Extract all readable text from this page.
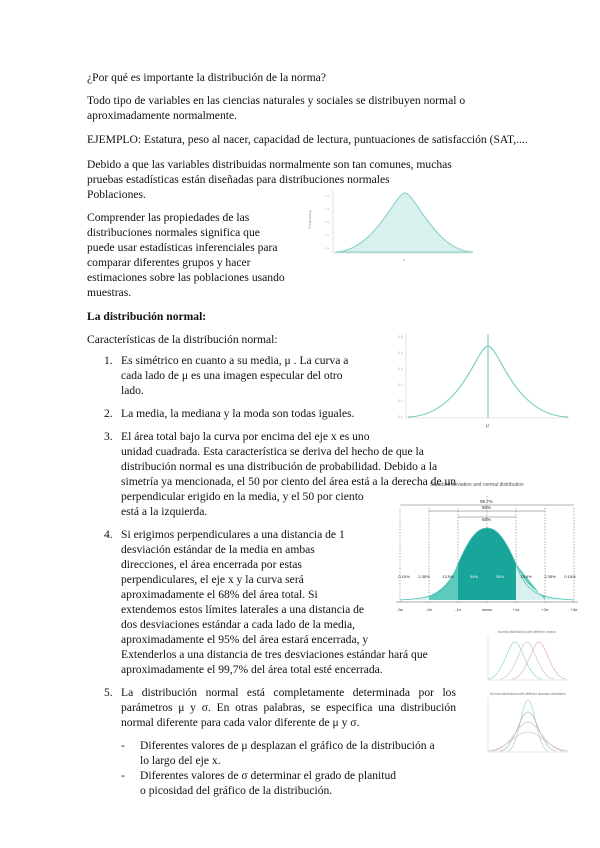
¿Por qué es importante la distribución de la norma?
Todo tipo de variables en las ciencias naturales y sociales se distribuyen normal o
aproximadamente normalmente.
EJEMPLO: Estatura, peso al nacer, capacidad de lectura, puntuaciones de satisfacción (SAT,....
Debido a que las variables distribuidas normalmente son tan comunes, muchas
pruebas estadísticas están diseñadas para distribuciones normales
Poblaciones.
Comprender las propiedades de las
distribuciones normales significa que
puede usar estadísticas inferenciales para
comparar diferentes grupos y hacer
estimaciones sobre las poblaciones usando
muestras.
La distribución normal:
Características de la distribución normal:
1. Es simétrico en cuanto a su media, μ . La curva a
cada lado de μ es una imagen especular del otro
lado.
2. La media, la mediana y la moda son todas iguales.
3. El área total bajo la curva por encima del eje x es uno
unidad cuadrada. Esta característica se deriva del hecho de que la
distribución normal es una distribución de probabilidad. Debido a la
simetría ya mencionada, el 50 por ciento del área está a la derecha de un
perpendicular erigido en la media, y el 50 por ciento
está a la izquierda.
4. Si erigimos perpendiculares a una distancia de 1
desviación estándar de la media en ambas
direcciones, el área encerrada por estas
perpendiculares, el eje x y la curva será
aproximadamente el 68% del área total. Si
extendemos estos límites laterales a una distancia de
dos desviaciones estándar a cada lado de la media,
aproximadamente el 95% del área estará encerrada, y
Extenderlos a una distancia de tres desviaciones estándar hará que
aproximadamente el 99,7% del área total esté encerrada.
5. La distribución normal está completamente determinada por los
parámetros μ y σ. En otras palabras, se especifica una distribución
normal diferente para cada valor diferente de μ y σ.
- Diferentes valores de μ desplazan el gráfico de la distribución a
lo largo del eje x.
- Diferentes valores de σ determinar el grado de planitud
o picosidad del gráfico de la distribución.
0.5
0.4
0.3
0.2
0.1
Frequency
x
0.5
0.4
0.3
0.2
0.1
0.0
μ
Standard deviation and normal distribution
99.7%
95%
68%
0.15% 2.35%	13.5%	34%	34%	13.5%	2.35% 0.15%
-3σ	-2σ	-1σ	mean	+1σ	+2σ	+3σ
Normal distributions with different means
Normal distributions with different standard deviations
